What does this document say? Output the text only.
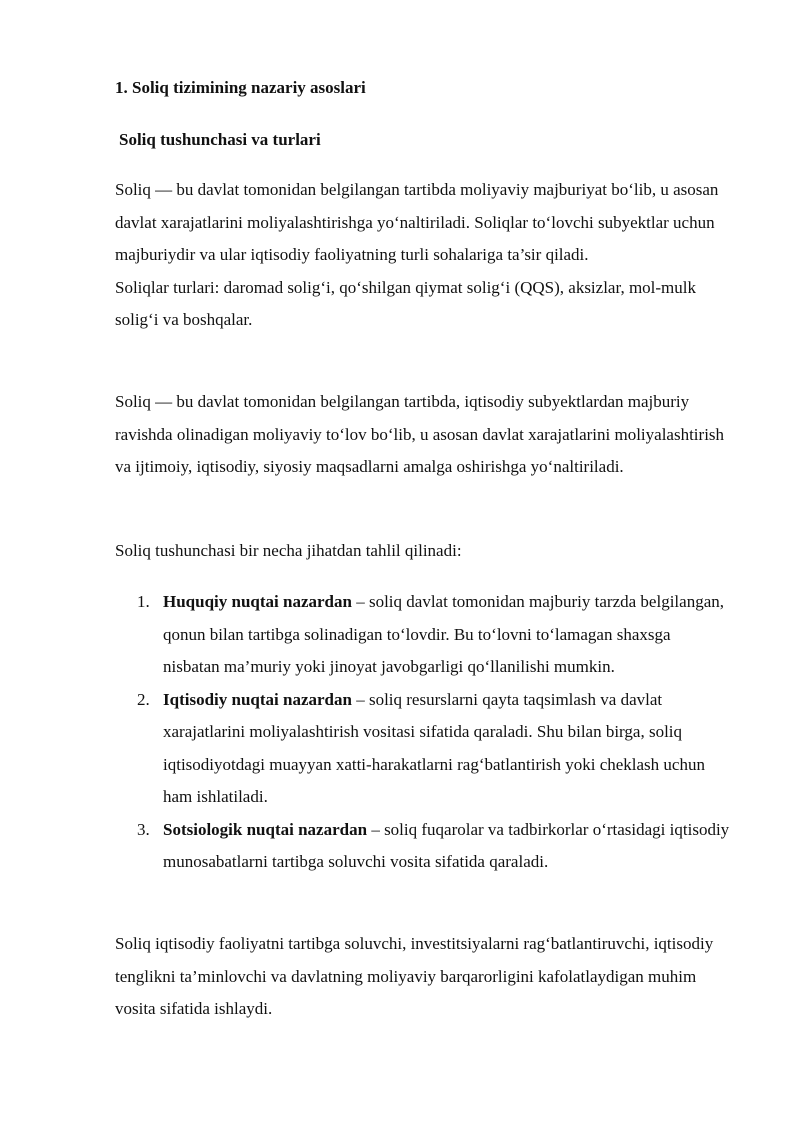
1. Soliq tizimining nazariy asoslari
Soliq tushunchasi va turlari
Soliq — bu davlat tomonidan belgilangan tartibda moliyaviy majburiyat bo‘lib, u asosan davlat xarajatlarini moliyalashtirishga yo‘naltiriladi. Soliqlar to‘lovchi subyektlar uchun majburiydir va ular iqtisodiy faoliyatning turli sohalariga ta’sir qiladi.
Soliqlar turlari: daromad solig‘i, qo‘shilgan qiymat solig‘i (QQS), aksizlar, mol-mulk solig‘i va boshqalar.

Soliq — bu davlat tomonidan belgilangan tartibda, iqtisodiy subyektlardan majburiy ravishda olinadigan moliyaviy to‘lov bo‘lib, u asosan davlat xarajatlarini moliyalashtirish va ijtimoiy, iqtisodiy, siyosiy maqsadlarni amalga oshirishga yo‘naltiriladi.

Soliq tushunchasi bir necha jihatdan tahlil qilinadi:

1. Huquqiy nuqtai nazardan – soliq davlat tomonidan majburiy tarzda belgilangan, qonun bilan tartibga solinadigan to‘lovdir. Bu to‘lovni to‘lamagan shaxsga nisbatan ma’muriy yoki jinoyat javobgarligi qo‘llanilishi mumkin.
2. Iqtisodiy nuqtai nazardan – soliq resurslarni qayta taqsimlash va davlat xarajatlarini moliyalashtirish vositasi sifatida qaraladi. Shu bilan birga, soliq iqtisodiyotdagi muayyan xatti-harakatlarni rag‘batlantirish yoki cheklash uchun ham ishlatiladi.
3. Sotsiologik nuqtai nazardan – soliq fuqarolar va tadbirkorlar o‘rtasidagi iqtisodiy munosabatlarni tartibga soluvchi vosita sifatida qaraladi.

Soliq iqtisodiy faoliyatni tartibga soluvchi, investitsiyalarni rag‘batlantiruvchi, iqtisodiy tenglikni ta’minlovchi va davlatning moliyaviy barqarorligini kafolatlaydigan muhim vosita sifatida ishlaydi.
